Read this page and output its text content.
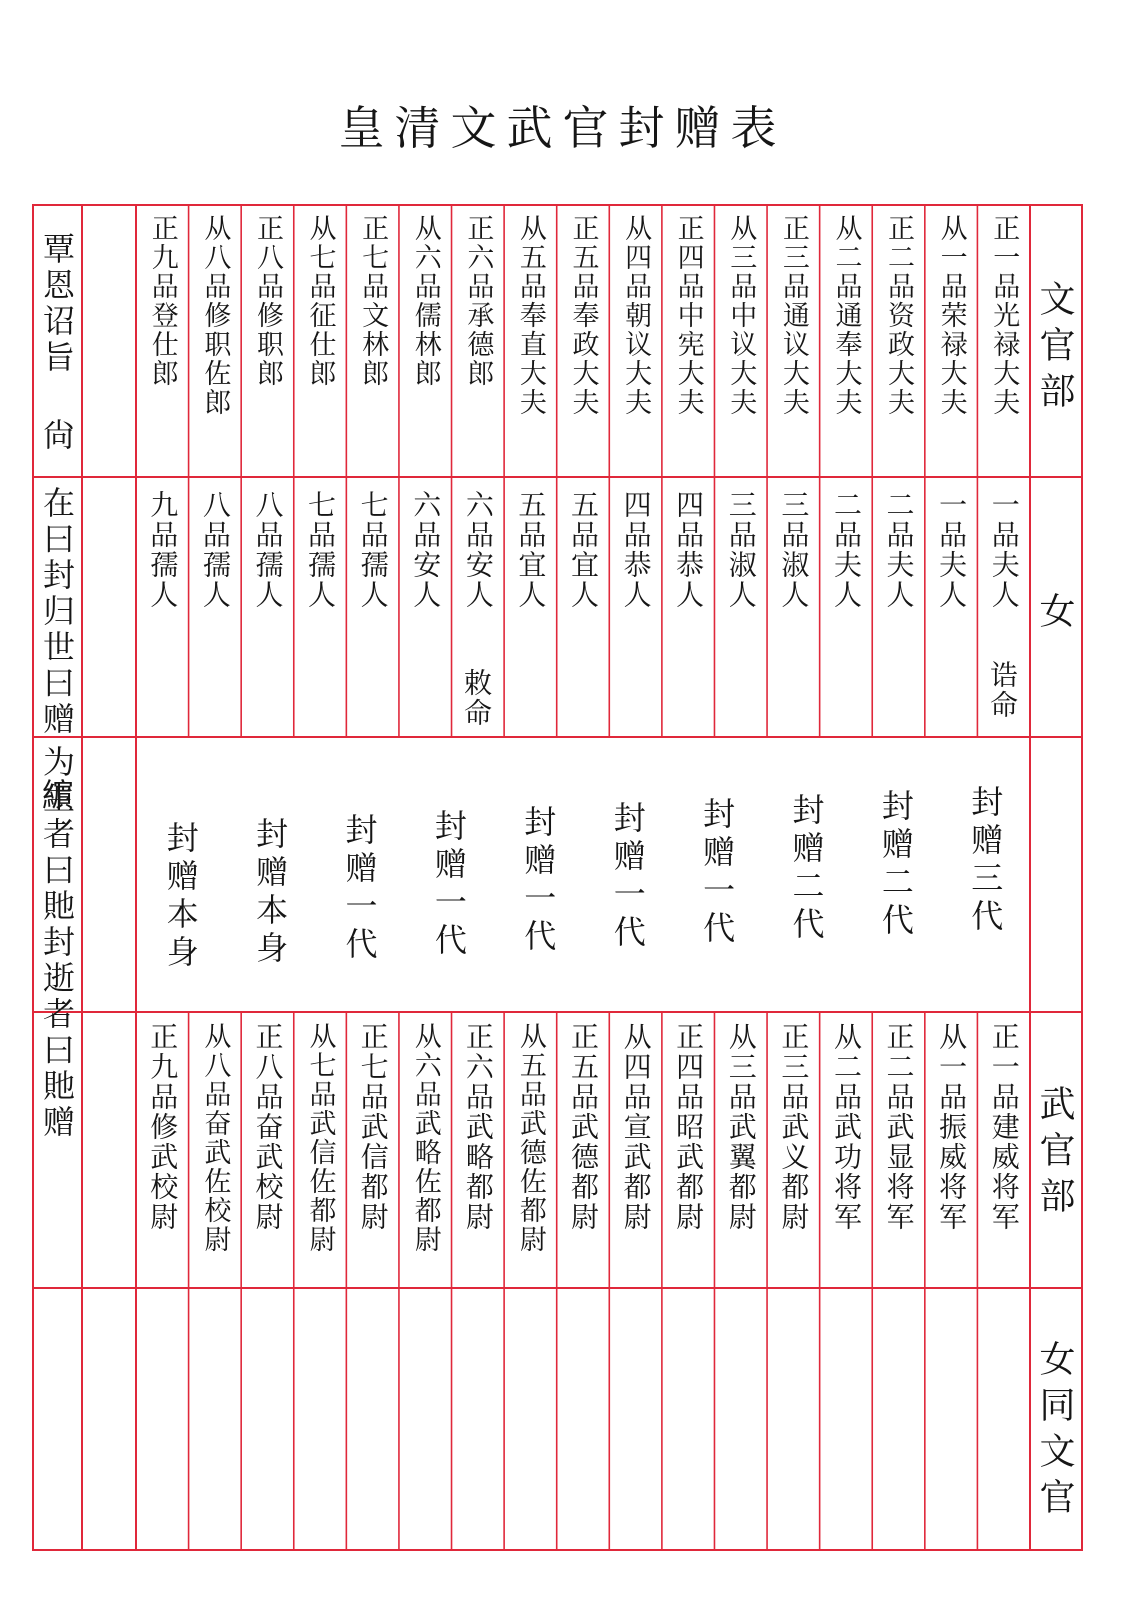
皇清文武官封赠表
文官部
女
武官部
女同文官
覃恩诏旨 尙
在曰封归世曰赠 𦆯
为生者曰貤封逝者曰貤赠
诰命
敕命
正一品光禄大夫
从一品荣禄大夫
正二品资政大夫
从二品通奉大夫
正三品通议大夫
从三品中议大夫
正四品中宪大夫
从四品朝议大夫
正五品奉政大夫
从五品奉直大夫
正六品承德郎
从六品儒林郎
正七品文林郎
从七品征仕郎
正八品修职郎
从八品修职佐郎
正九品登仕郎
一品夫人
一品夫人
二品夫人
二品夫人
三品淑人
三品淑人
四品恭人
四品恭人
五品宜人
五品宜人
六品安人
六品安人
七品孺人
七品孺人
八品孺人
八品孺人
九品孺人
正一品建威将军
从一品振威将军
正二品武显将军
从二品武功将军
正三品武义都尉
从三品武翼都尉
正四品昭武都尉
从四品宣武都尉
正五品武德都尉
从五品武德佐都尉
正六品武略都尉
从六品武略佐都尉
正七品武信都尉
从七品武信佐都尉
正八品奋武校尉
从八品奋武佐校尉
正九品修武校尉
封赠三代
封赠二代
封赠二代
封赠一代
封赠一代
封赠一代
封赠一代
封赠一代
封赠本身
封赠本身
